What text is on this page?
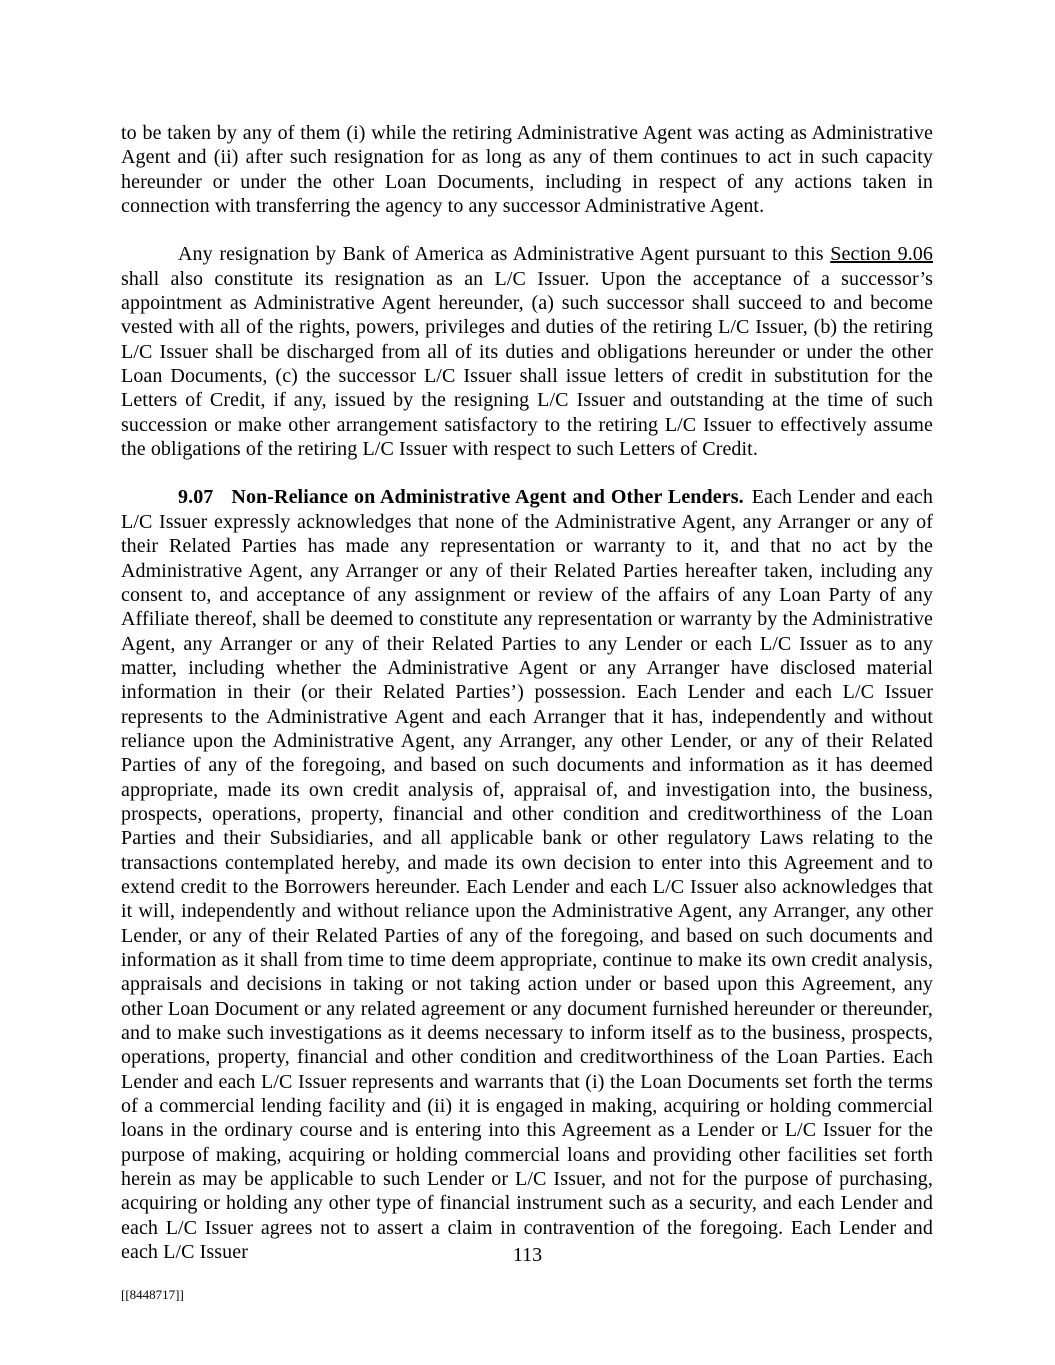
to be taken by any of them (i) while the retiring Administrative Agent was acting as Administrative Agent and (ii) after such resignation for as long as any of them continues to act in such capacity hereunder or under the other Loan Documents, including in respect of any actions taken in connection with transferring the agency to any successor Administrative Agent.

Any resignation by Bank of America as Administrative Agent pursuant to this Section 9.06 shall also constitute its resignation as an L/C Issuer. Upon the acceptance of a successor’s appointment as Administrative Agent hereunder, (a) such successor shall succeed to and become vested with all of the rights, powers, privileges and duties of the retiring L/C Issuer, (b) the retiring L/C Issuer shall be discharged from all of its duties and obligations hereunder or under the other Loan Documents, (c) the successor L/C Issuer shall issue letters of credit in substitution for the Letters of Credit, if any, issued by the resigning L/C Issuer and outstanding at the time of such succession or make other arrangement satisfactory to the retiring L/C Issuer to effectively assume the obligations of the retiring L/C Issuer with respect to such Letters of Credit.

9.07 Non-Reliance on Administrative Agent and Other Lenders. Each Lender and each L/C Issuer expressly acknowledges that none of the Administrative Agent, any Arranger or any of their Related Parties has made any representation or warranty to it, and that no act by the Administrative Agent, any Arranger or any of their Related Parties hereafter taken, including any consent to, and acceptance of any assignment or review of the affairs of any Loan Party of any Affiliate thereof, shall be deemed to constitute any representation or warranty by the Administrative Agent, any Arranger or any of their Related Parties to any Lender or each L/C Issuer as to any matter, including whether the Administrative Agent or any Arranger have disclosed material information in their (or their Related Parties’) possession. Each Lender and each L/C Issuer represents to the Administrative Agent and each Arranger that it has, independently and without reliance upon the Administrative Agent, any Arranger, any other Lender, or any of their Related Parties of any of the foregoing, and based on such documents and information as it has deemed appropriate, made its own credit analysis of, appraisal of, and investigation into, the business, prospects, operations, property, financial and other condition and creditworthiness of the Loan Parties and their Subsidiaries, and all applicable bank or other regulatory Laws relating to the transactions contemplated hereby, and made its own decision to enter into this Agreement and to extend credit to the Borrowers hereunder. Each Lender and each L/C Issuer also acknowledges that it will, independently and without reliance upon the Administrative Agent, any Arranger, any other Lender, or any of their Related Parties of any of the foregoing, and based on such documents and information as it shall from time to time deem appropriate, continue to make its own credit analysis, appraisals and decisions in taking or not taking action under or based upon this Agreement, any other Loan Document or any related agreement or any document furnished hereunder or thereunder, and to make such investigations as it deems necessary to inform itself as to the business, prospects, operations, property, financial and other condition and creditworthiness of the Loan Parties. Each Lender and each L/C Issuer represents and warrants that (i) the Loan Documents set forth the terms of a commercial lending facility and (ii) it is engaged in making, acquiring or holding commercial loans in the ordinary course and is entering into this Agreement as a Lender or L/C Issuer for the purpose of making, acquiring or holding commercial loans and providing other facilities set forth herein as may be applicable to such Lender or L/C Issuer, and not for the purpose of purchasing, acquiring or holding any other type of financial instrument such as a security, and each Lender and each L/C Issuer agrees not to assert a claim in contravention of the foregoing. Each Lender and each L/C Issuer	113
[[8448717]]
